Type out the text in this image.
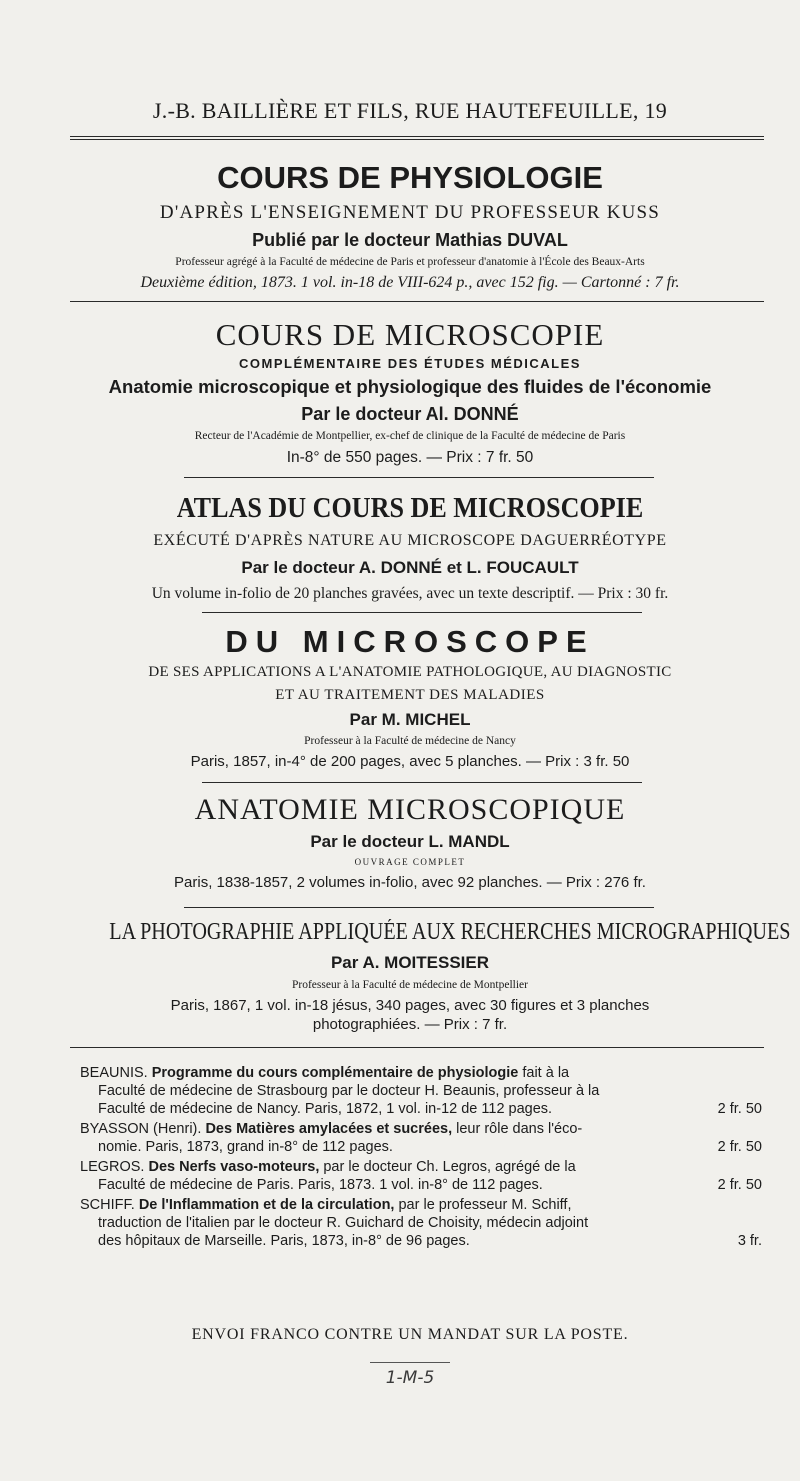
J.-B. BAILLIÈRE ET FILS, RUE HAUTEFEUILLE, 19
COURS DE PHYSIOLOGIE
D'APRÈS L'ENSEIGNEMENT DU PROFESSEUR KUSS
Publié par le docteur Mathias DUVAL
Professeur agrégé à la Faculté de médecine de Paris et professeur d'anatomie à l'École des Beaux-Arts
Deuxième édition, 1873. 1 vol. in-18 de VIII-624 p., avec 152 fig. — Cartonné : 7 fr.
COURS DE MICROSCOPIE
COMPLÉMENTAIRE DES ÉTUDES MÉDICALES
Anatomie microscopique et physiologique des fluides de l'économie
Par le docteur Al. DONNÉ
Recteur de l'Académie de Montpellier, ex-chef de clinique de la Faculté de médecine de Paris
In-8° de 550 pages. — Prix : 7 fr. 50
ATLAS DU COURS DE MICROSCOPIE
EXÉCUTÉ D'APRÈS NATURE AU MICROSCOPE DAGUERRÉOTYPE
Par le docteur A. DONNÉ et L. FOUCAULT
Un volume in-folio de 20 planches gravées, avec un texte descriptif. — Prix : 30 fr.
DU MICROSCOPE
DE SES APPLICATIONS A L'ANATOMIE PATHOLOGIQUE, AU DIAGNOSTIC
ET AU TRAITEMENT DES MALADIES
Par M. MICHEL
Professeur à la Faculté de médecine de Nancy
Paris, 1857, in-4° de 200 pages, avec 5 planches. — Prix : 3 fr. 50
ANATOMIE MICROSCOPIQUE
Par le docteur L. MANDL
OUVRAGE COMPLET
Paris, 1838-1857, 2 volumes in-folio, avec 92 planches. — Prix : 276 fr.
LA PHOTOGRAPHIE APPLIQUÉE AUX RECHERCHES MICROGRAPHIQUES
Par A. MOITESSIER
Professeur à la Faculté de médecine de Montpellier
Paris, 1867, 1 vol. in-18 jésus, 340 pages, avec 30 figures et 3 planches
photographiées. — Prix : 7 fr.

BEAUNIS. Programme du cours complémentaire de physiologie fait à la

Faculté de médecine de Strasbourg par le docteur H. Beaunis, professeur à la

Faculté de médecine de Nancy. Paris, 1872, 1 vol. in-12 de 112 pages.	2 fr. 50

BYASSON (Henri). Des Matières amylacées et sucrées, leur rôle dans l'éco-

nomie. Paris, 1873, grand in-8° de 112 pages.	2 fr. 50

LEGROS. Des Nerfs vaso-moteurs, par le docteur Ch. Legros, agrégé de la

Faculté de médecine de Paris. Paris, 1873. 1 vol. in-8° de 112 pages.	2 fr. 50

SCHIFF. De l'Inflammation et de la circulation, par le professeur M. Schiff,

traduction de l'italien par le docteur R. Guichard de Choisity, médecin adjoint

des hôpitaux de Marseille. Paris, 1873, in-8° de 96 pages.	3 fr.

ENVOI FRANCO CONTRE UN MANDAT SUR LA POSTE.
1-M-5
